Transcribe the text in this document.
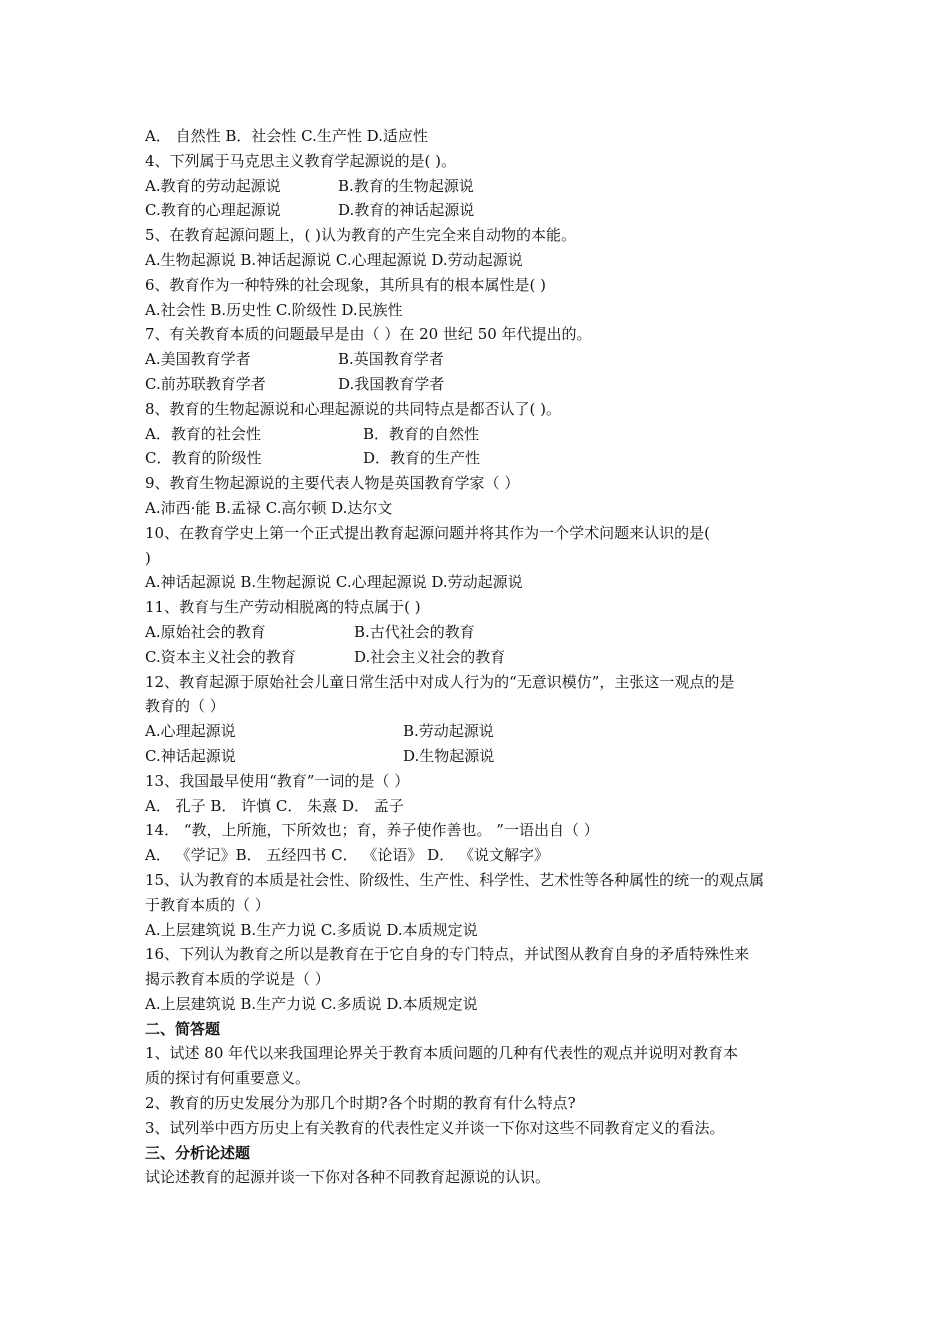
A． 自然性 B．社会性 C.生产性 D.适应性
4、下列属于马克思主义教育学起源说的是( )。
A.教育的劳动起源说	B.教育的生物起源说
C.教育的心理起源说	D.教育的神话起源说
5、在教育起源问题上，( )认为教育的产生完全来自动物的本能。
A.生物起源说 B.神话起源说 C.心理起源说 D.劳动起源说
6、教育作为一种特殊的社会现象，其所具有的根本属性是( )
A.社会性 B.历史性 C.阶级性 D.民族性
7、有关教育本质的问题最早是由（ ）在 20 世纪 50 年代提出的。
A.美国教育学者	B.英国教育学者
C.前苏联教育学者	D.我国教育学者
8、教育的生物起源说和心理起源说的共同特点是都否认了( )。
A．教育的社会性	B．教育的自然性
C．教育的阶级性	D．教育的生产性
9、教育生物起源说的主要代表人物是英国教育学家（ ）
A.沛西·能 B.孟禄 C.高尔顿 D.达尔文
10、在教育学史上第一个正式提出教育起源问题并将其作为一个学术问题来认识的是(
)
A.神话起源说 B.生物起源说 C.心理起源说 D.劳动起源说
11、教育与生产劳动相脱离的特点属于( )
A.原始社会的教育	B.古代社会的教育
C.资本主义社会的教育	D.社会主义社会的教育
12、教育起源于原始社会儿童日常生活中对成人行为的“无意识模仿”，主张这一观点的是
教育的（ ）
A.心理起源说	B.劳动起源说
C.神话起源说	D.生物起源说
13、我国最早使用“教育”一词的是（ ）
A． 孔子 B． 许慎 C． 朱熹 D． 孟子
14． “教，上所施，下所效也；育，养子使作善也。 ”一语出自（ ）
A． 《学记》B． 五经四书 C． 《论语》 D． 《说文解字》
15、认为教育的本质是社会性、阶级性、生产性、科学性、艺术性等各种属性的统一的观点属
于教育本质的（ ）
A.上层建筑说 B.生产力说 C.多质说 D.本质规定说
16、下列认为教育之所以是教育在于它自身的专门特点，并试图从教育自身的矛盾特殊性来
揭示教育本质的学说是（ ）
A.上层建筑说 B.生产力说 C.多质说 D.本质规定说
二、简答题
1、试述 80 年代以来我国理论界关于教育本质问题的几种有代表性的观点并说明对教育本
质的探讨有何重要意义。
2、教育的历史发展分为那几个时期?各个时期的教育有什么特点?
3、试列举中西方历史上有关教育的代表性定义并谈一下你对这些不同教育定义的看法。
三、分析论述题
试论述教育的起源并谈一下你对各种不同教育起源说的认识。
